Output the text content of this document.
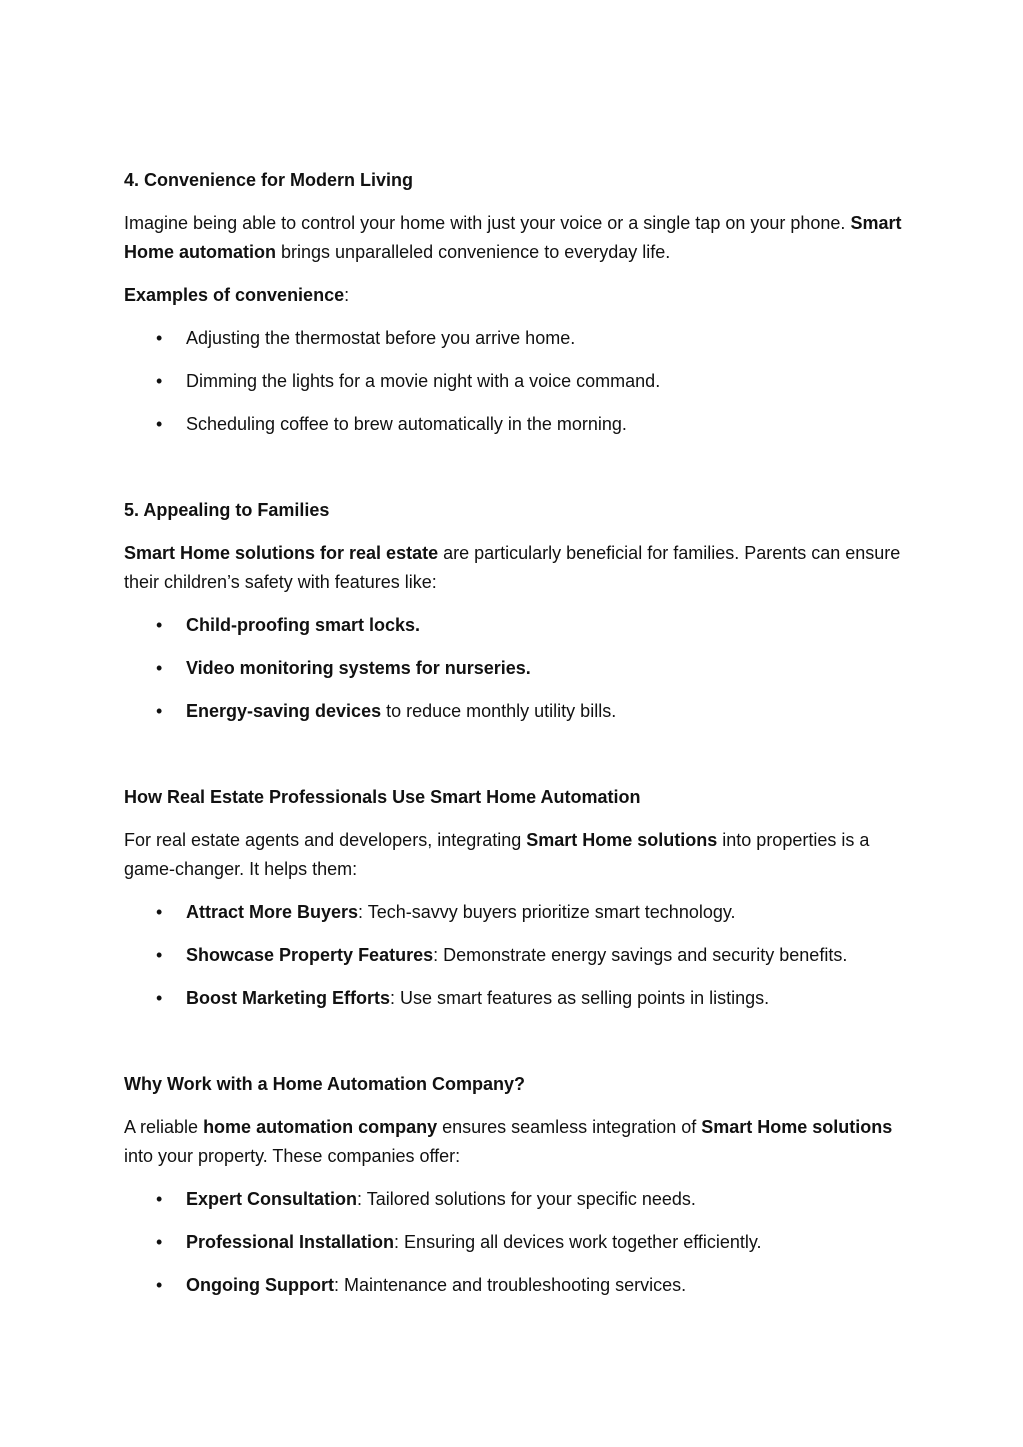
4. Convenience for Modern Living

Imagine being able to control your home with just your voice or a single tap on your phone. Smart Home automation brings unparalleled convenience to everyday life.

Examples of convenience:

• Adjusting the thermostat before you arrive home.
• Dimming the lights for a movie night with a voice command.
• Scheduling coffee to brew automatically in the morning.
5. Appealing to Families

Smart Home solutions for real estate are particularly beneficial for families. Parents can ensure their children’s safety with features like:

• Child-proofing smart locks.
• Video monitoring systems for nurseries.
• Energy-saving devices to reduce monthly utility bills.
How Real Estate Professionals Use Smart Home Automation

For real estate agents and developers, integrating Smart Home solutions into properties is a game-changer. It helps them:

• Attract More Buyers: Tech-savvy buyers prioritize smart technology.
• Showcase Property Features: Demonstrate energy savings and security benefits.
• Boost Marketing Efforts: Use smart features as selling points in listings.
Why Work with a Home Automation Company?

A reliable home automation company ensures seamless integration of Smart Home solutions into your property. These companies offer:

• Expert Consultation: Tailored solutions for your specific needs.
• Professional Installation: Ensuring all devices work together efficiently.
• Ongoing Support: Maintenance and troubleshooting services.
